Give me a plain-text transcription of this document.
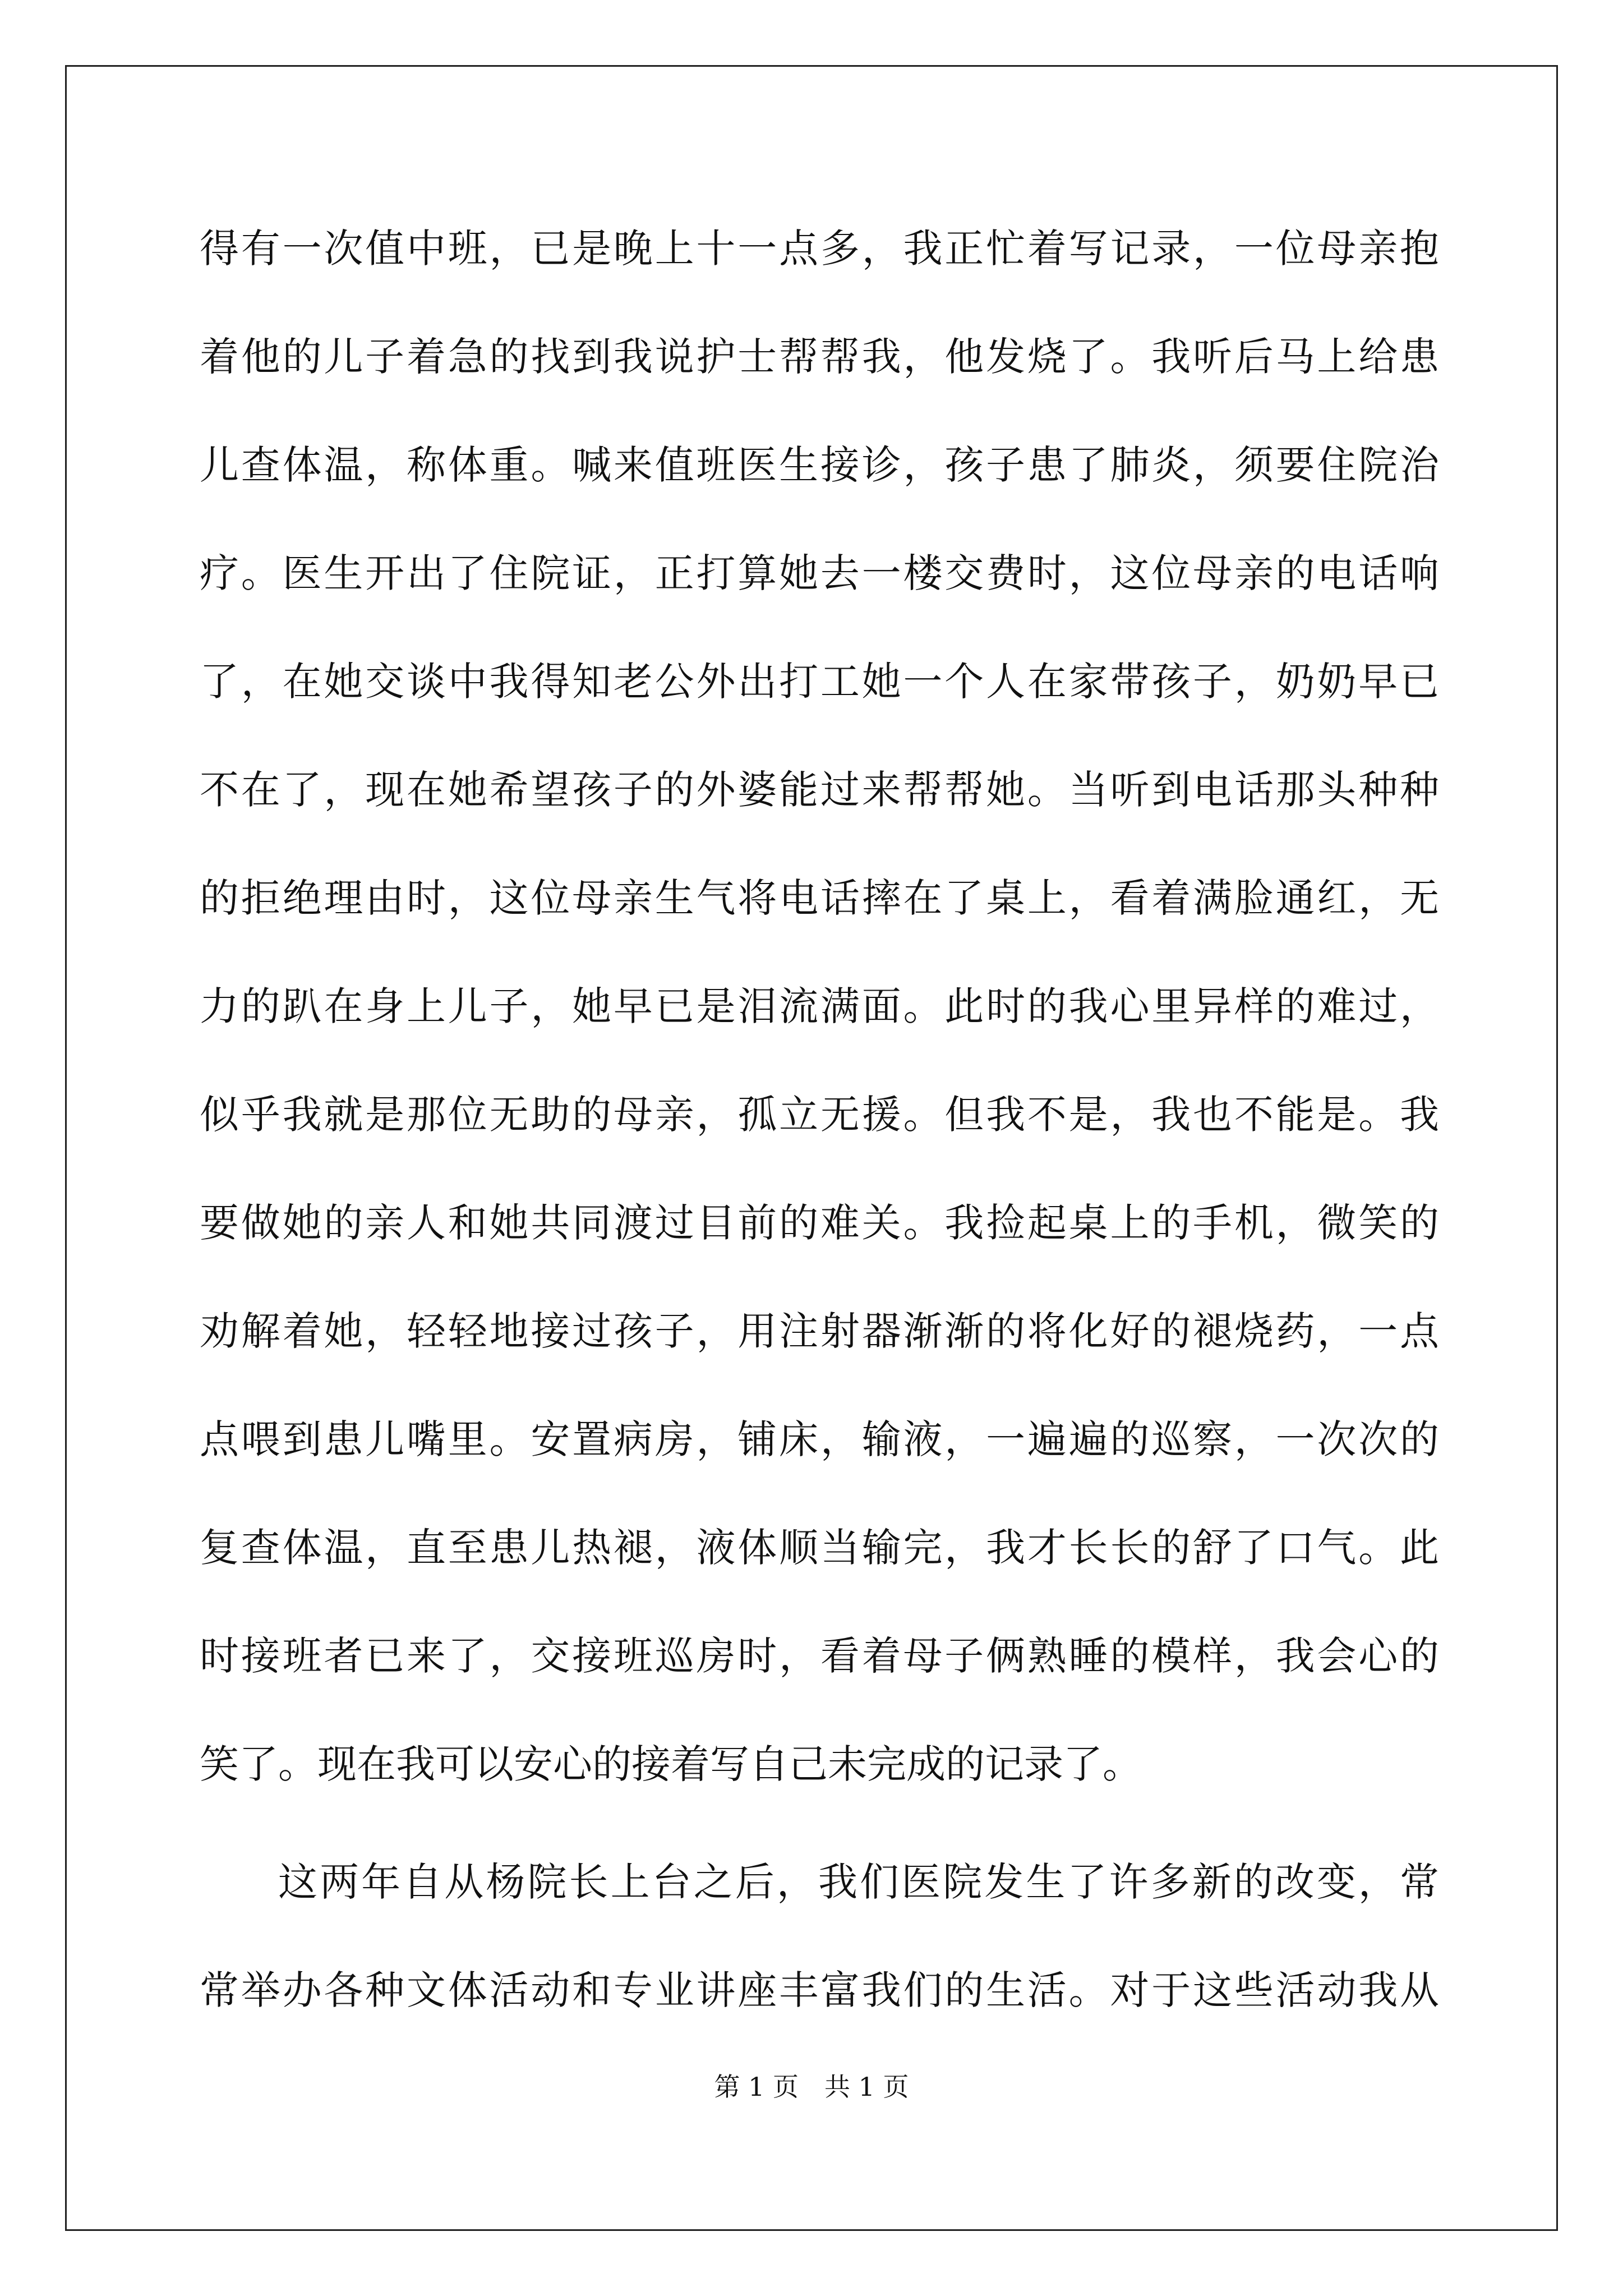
得有一次值中班，已是晚上十一点多，我正忙着写记录，一位母亲抱
着他的儿子着急的找到我说护士帮帮我，他发烧了。我听后马上给患
儿查体温，称体重。喊来值班医生接诊，孩子患了肺炎，须要住院治
疗。医生开出了住院证，正打算她去一楼交费时，这位母亲的电话响
了，在她交谈中我得知老公外出打工她一个人在家带孩子，奶奶早已
不在了，现在她希望孩子的外婆能过来帮帮她。当听到电话那头种种
的拒绝理由时，这位母亲生气将电话摔在了桌上，看着满脸通红，无
力的趴在身上儿子，她早已是泪流满面。此时的我心里异样的难过，
似乎我就是那位无助的母亲，孤立无援。但我不是，我也不能是。我
要做她的亲人和她共同渡过目前的难关。我捡起桌上的手机，微笑的
劝解着她，轻轻地接过孩子，用注射器渐渐的将化好的褪烧药，一点
点喂到患儿嘴里。安置病房，铺床，输液，一遍遍的巡察，一次次的
复查体温，直至患儿热褪，液体顺当输完，我才长长的舒了口气。此
时接班者已来了，交接班巡房时，看着母子俩熟睡的模样，我会心的
笑了。现在我可以安心的接着写自己未完成的记录了。
这两年自从杨院长上台之后，我们医院发生了许多新的改变，常
常举办各种文体活动和专业讲座丰富我们的生活。对于这些活动我从
第 1 页　共 1 页
